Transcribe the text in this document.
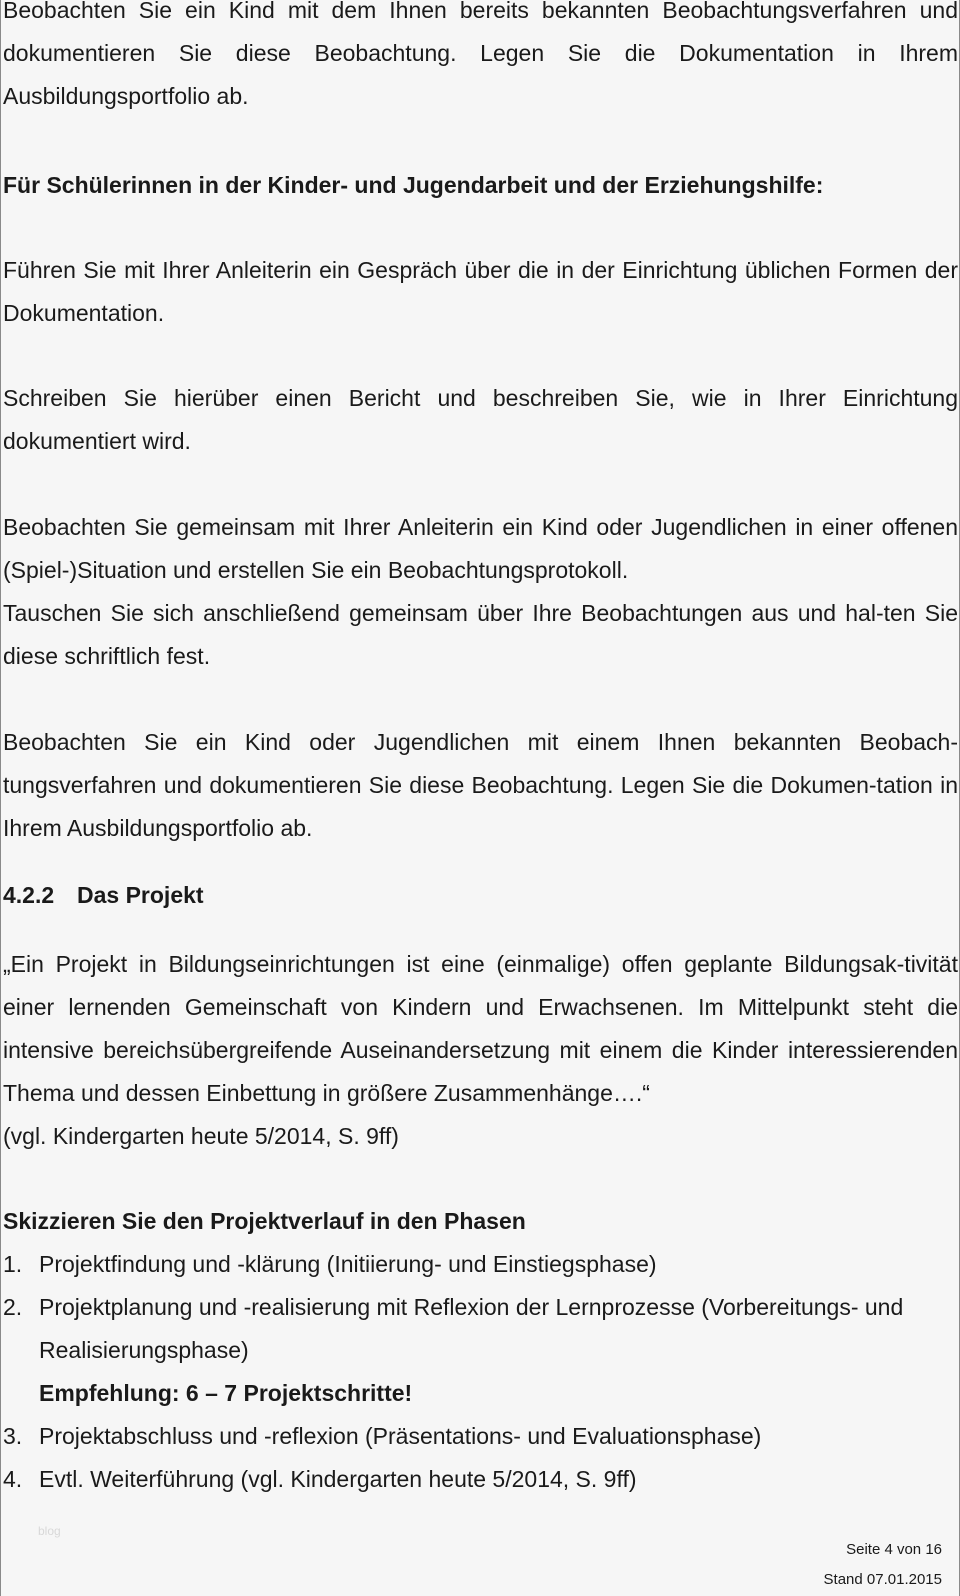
Beobachten Sie ein Kind mit dem Ihnen bereits bekannten Beobachtungsverfahren und dokumentieren Sie diese Beobachtung. Legen Sie die Dokumentation in Ihrem Ausbildungsportfolio ab.

Für Schülerinnen in der Kinder- und Jugendarbeit und der Erziehungshilfe:

Führen Sie mit Ihrer Anleiterin ein Gespräch über die in der Einrichtung üblichen Formen der Dokumentation.

Schreiben Sie hierüber einen Bericht und beschreiben Sie, wie in Ihrer Einrichtung dokumentiert wird.

Beobachten Sie gemeinsam mit Ihrer Anleiterin ein Kind oder Jugendlichen in einer offenen (Spiel-)Situation und erstellen Sie ein Beobachtungsprotokoll.

Tauschen Sie sich anschließend gemeinsam über Ihre Beobachtungen aus und hal-ten Sie diese schriftlich fest.

Beobachten Sie ein Kind oder Jugendlichen mit einem Ihnen bekannten Beobach-tungsverfahren und dokumentieren Sie diese Beobachtung. Legen Sie die Dokumen-tation in Ihrem Ausbildungsportfolio ab.

4.2.2 Das Projekt

„Ein Projekt in Bildungseinrichtungen ist eine (einmalige) offen geplante Bildungsak-tivität einer lernenden Gemeinschaft von Kindern und Erwachsenen. Im Mittelpunkt steht die intensive bereichsübergreifende Auseinandersetzung mit einem die Kinder interessierenden Thema und dessen Einbettung in größere Zusammenhänge….“

(vgl. Kindergarten heute 5/2014, S. 9ff)

Skizzieren Sie den Projektverlauf in den Phasen

1. Projektfindung und -klärung (Initiierung- und Einstiegsphase)
2. Projektplanung und -realisierung mit Reflexion der Lernprozesse (Vorbereitungs- und Realisierungsphase)

Empfehlung: 6 – 7 Projektschritte!

3. Projektabschluss und -reflexion (Präsentations- und Evaluationsphase)
4. Evtl. Weiterführung (vgl. Kindergarten heute 5/2014, S. 9ff)
blog
Seite 4 von 16
Stand 07.01.2015
